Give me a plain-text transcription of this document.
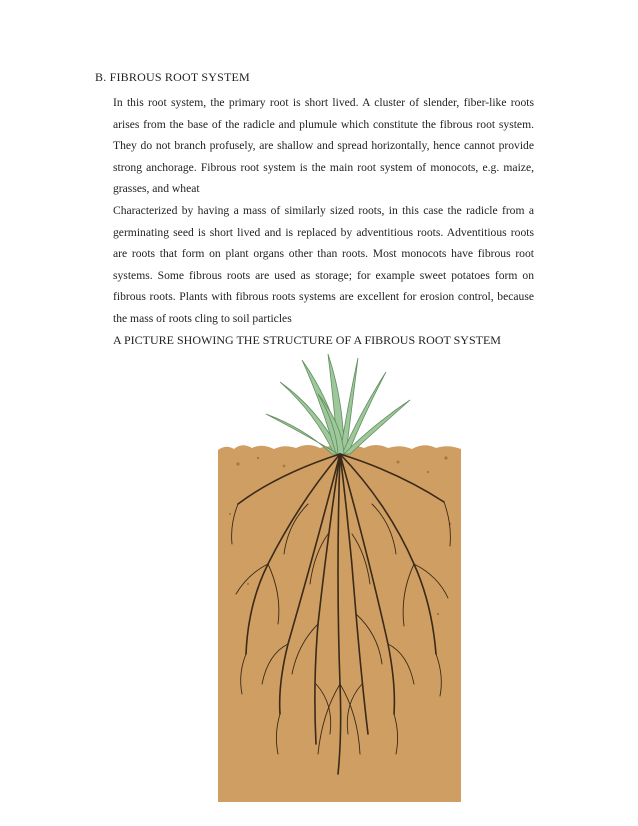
B. FIBROUS ROOT SYSTEM

In this root system, the primary root is short lived. A cluster of slender, fiber-like roots arises from the base of the radicle and plumule which constitute the fibrous root system. They do not branch profusely, are shallow and spread horizontally, hence cannot provide strong anchorage. Fibrous root system is the main root system of monocots, e.g. maize, grasses, and wheat

Characterized by having a mass of similarly sized roots, in this case the radicle from a germinating seed is short lived and is replaced by adventitious roots. Adventitious roots are roots that form on plant organs other than roots. Most monocots have fibrous root systems. Some fibrous roots are used as storage; for example sweet potatoes form on fibrous roots. Plants with fibrous roots systems are excellent for erosion control, because the mass of roots cling to soil particles

A PICTURE SHOWING THE STRUCTURE OF A FIBROUS ROOT SYSTEM
